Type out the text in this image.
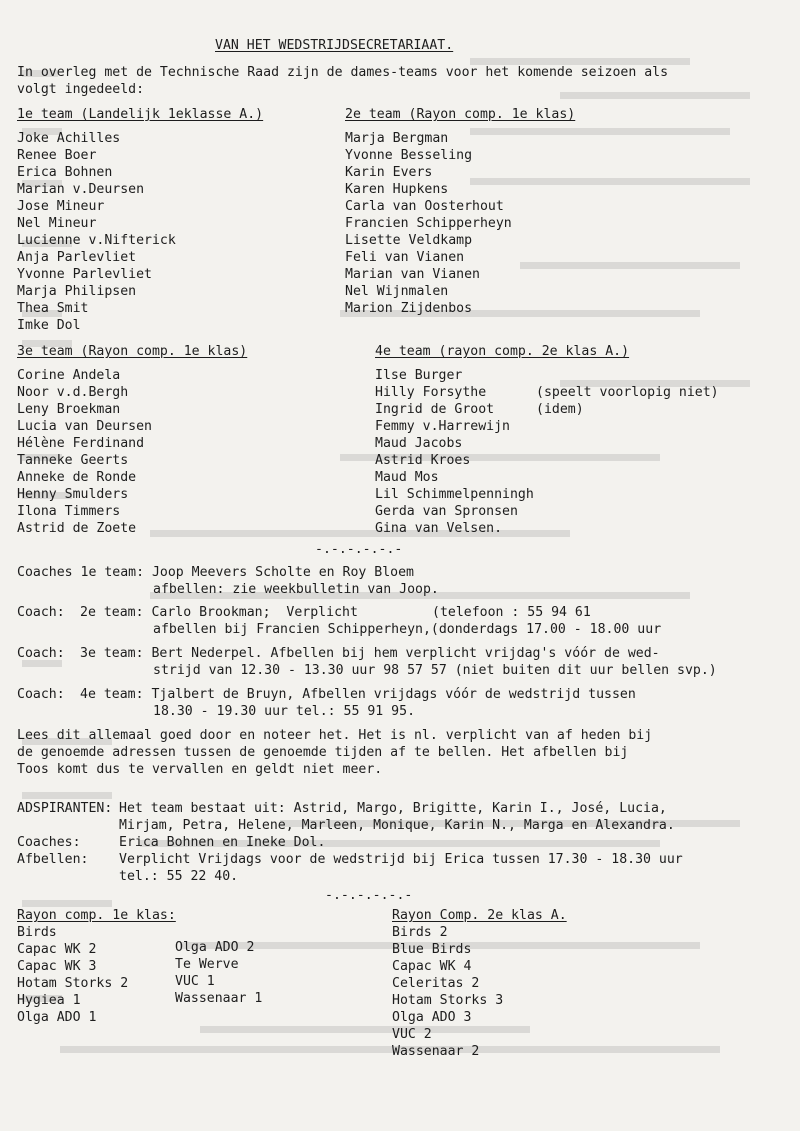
VAN HET WEDSTRIJDSECRETARIAAT.
In overleg met de Technische Raad zijn de dames-teams voor het komende seizoen als
volgt ingedeeld:
1e team (Landelijk 1eklasse A.)
Joke Achilles
Renee Boer
Erica Bohnen
Marian v.Deursen
Jose Mineur
Nel Mineur
Lucienne v.Nifterick
Anja Parlevliet
Yvonne Parlevliet
Marja Philipsen
Thea Smit
Imke Dol
2e team (Rayon comp. 1e klas)
Marja Bergman
Yvonne Besseling
Karin Evers
Karen Hupkens
Carla van Oosterhout
Francien Schipperheyn
Lisette Veldkamp
Feli van Vianen
Marian van Vianen
Nel Wijnmalen
Marion Zijdenbos
3e team (Rayon comp. 1e klas)
Corine Andela
Noor v.d.Bergh
Leny Broekman
Lucia van Deursen
Hélène Ferdinand
Tanneke Geerts
Anneke de Ronde
Henny Smulders
Ilona Timmers
Astrid de Zoete
4e team (rayon comp. 2e klas A.)
Ilse Burger
Hilly Forsythe	(speelt voorlopig niet)
Ingrid de Groot	(idem)
Femmy v.Harrewijn
Maud Jacobs
Astrid Kroes
Maud Mos
Lil Schimmelpenningh
Gerda van Spronsen
Gina van Velsen.
-.-.-.-.-.-
Coaches 1e team: Joop Meevers Scholte en Roy Bloem
afbellen: zie weekbulletin van Joop.
Coach: 2e team: Carlo Brookman;  Verplicht	(telefoon : 55 94 61
afbellen bij Francien Schipperheyn,(donderdags 17.00 - 18.00 uur
Coach: 3e team: Bert Nederpel. Afbellen bij hem verplicht vrijdag's vóór de wed-
strijd van 12.30 - 13.30 uur 98 57 57 (niet buiten dit uur bellen svp.)
Coach: 4e team: Tjalbert de Bruyn, Afbellen vrijdags vóór de wedstrijd tussen
18.30 - 19.30 uur tel.: 55 91 95.
Lees dit allemaal goed door en noteer het. Het is nl. verplicht van af heden bij
de genoemde adressen tussen de genoemde tijden af te bellen. Het afbellen bij
Toos komt dus te vervallen en geldt niet meer.
ADSPIRANTEN: Het team bestaat uit: Astrid, Margo, Brigitte, Karin I., José, Lucia,
Mirjam, Petra, Helene, Marleen, Monique, Karin N., Marga en Alexandra.
Coaches:	Erica Bohnen en Ineke Dol.
Afbellen: Verplicht Vrijdags voor de wedstrijd bij Erica tussen 17.30 - 18.30 uur
tel.: 55 22 40.
-.-.-.-.-.-
Rayon comp. 1e klas:
Birds
Capac WK 2
Capac WK 3
Hotam Storks 2
Hygiea 1
Olga ADO 1
Olga ADO 2
Te Werve
VUC 1
Wassenaar 1
Rayon Comp. 2e klas A.
Birds 2
Blue Birds
Capac WK 4
Celeritas 2
Hotam Storks 3
Olga ADO 3
VUC 2
Wassenaar 2
